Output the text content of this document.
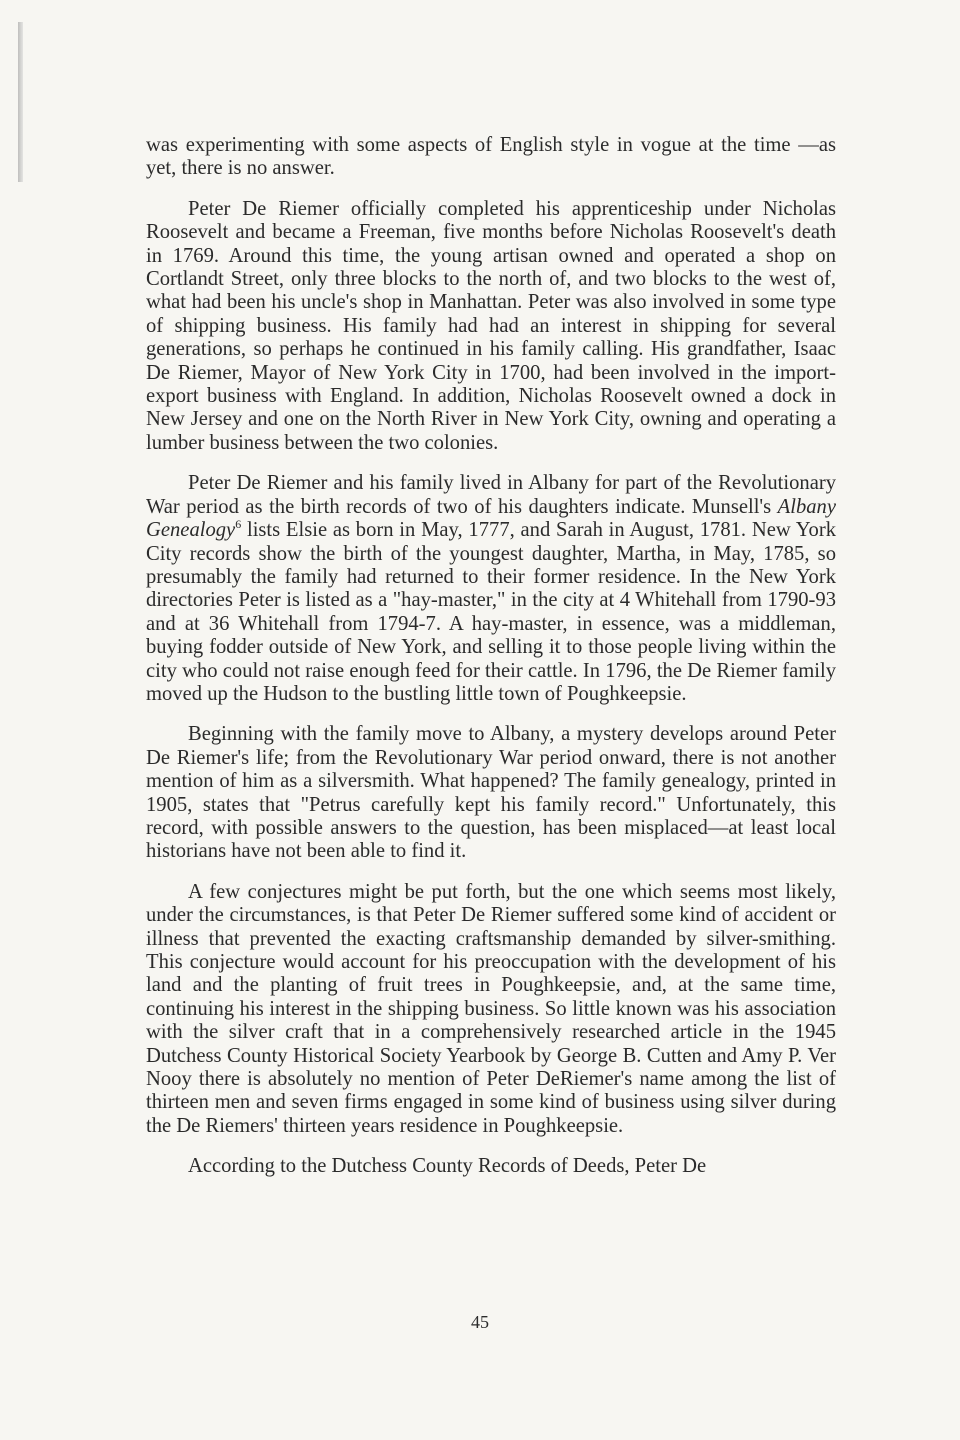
was experimenting with some aspects of English style in vogue at the time —as yet, there is no answer.

Peter De Riemer officially completed his apprenticeship under Nicholas Roosevelt and became a Freeman, five months before Nicholas Roosevelt's death in 1769. Around this time, the young artisan owned and operated a shop on Cortlandt Street, only three blocks to the north of, and two blocks to the west of, what had been his uncle's shop in Manhattan. Peter was also involved in some type of shipping business. His family had had an interest in shipping for several generations, so perhaps he continued in his family calling. His grandfather, Isaac De Riemer, Mayor of New York City in 1700, had been involved in the import-export business with England. In addition, Nicholas Roosevelt owned a dock in New Jersey and one on the North River in New York City, owning and operating a lumber business between the two colonies.

Peter De Riemer and his family lived in Albany for part of the Revolutionary War period as the birth records of two of his daughters indicate. Munsell's Albany Genealogy$^6$ lists Elsie as born in May, 1777, and Sarah in August, 1781. New York City records show the birth of the youngest daughter, Martha, in May, 1785, so presumably the family had returned to their former residence. In the New York directories Peter is listed as a "hay-master," in the city at 4 Whitehall from 1790-93 and at 36 Whitehall from 1794-7. A hay-master, in essence, was a middleman, buying fodder outside of New York, and selling it to those people living within the city who could not raise enough feed for their cattle. In 1796, the De Riemer family moved up the Hudson to the bustling little town of Poughkeepsie.

Beginning with the family move to Albany, a mystery develops around Peter De Riemer's life; from the Revolutionary War period onward, there is not another mention of him as a silversmith. What happened? The family genealogy, printed in 1905, states that "Petrus carefully kept his family record." Unfortunately, this record, with possible answers to the question, has been misplaced—at least local historians have not been able to find it.

A few conjectures might be put forth, but the one which seems most likely, under the circumstances, is that Peter De Riemer suffered some kind of accident or illness that prevented the exacting craftsmanship demanded by silver-smithing. This conjecture would account for his preoccupation with the development of his land and the planting of fruit trees in Poughkeepsie, and, at the same time, continuing his interest in the shipping business. So little known was his association with the silver craft that in a comprehensively researched article in the 1945 Dutchess County Historical Society Yearbook by George B. Cutten and Amy P. Ver Nooy there is absolutely no mention of Peter DeRiemer's name among the list of thirteen men and seven firms engaged in some kind of business using silver during the De Riemers' thirteen years residence in Poughkeepsie.

According to the Dutchess County Records of Deeds, Peter De

45
